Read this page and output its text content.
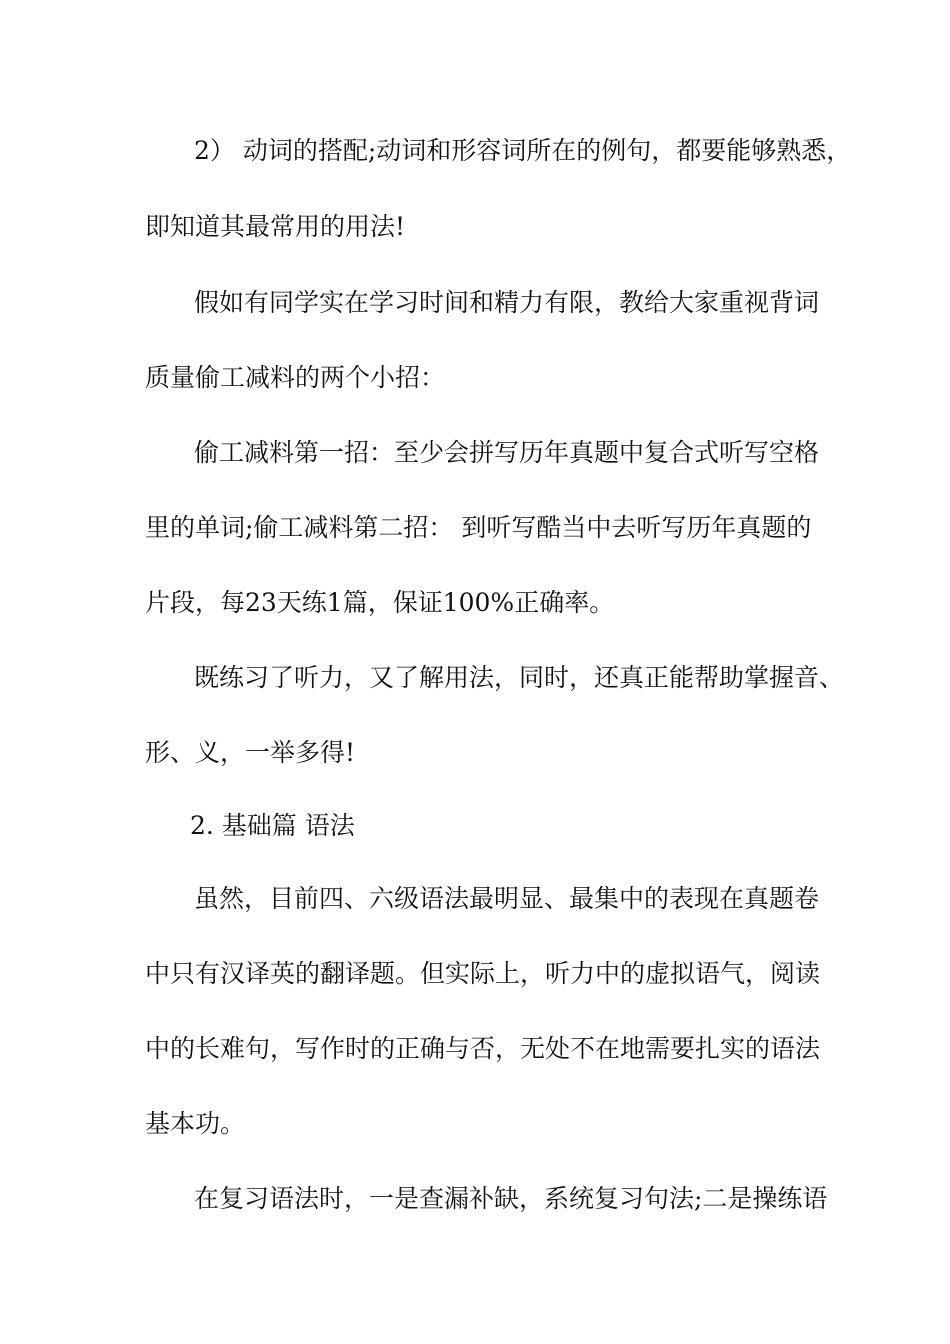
2） 动词的搭配;动词和形容词所在的例句，都要能够熟悉，
即知道其最常用的用法!
假如有同学实在学习时间和精力有限，教给大家重视背词
质量偷工减料的两个小招：
偷工减料第一招：至少会拼写历年真题中复合式听写空格
里的单词;偷工减料第二招： 到听写酷当中去听写历年真题的
片段，每23天练1篇，保证100%正确率。
既练习了听力，又了解用法，同时，还真正能帮助掌握音、
形、义，一举多得!
2. 基础篇 语法
虽然，目前四、六级语法最明显、最集中的表现在真题卷
中只有汉译英的翻译题。但实际上，听力中的虚拟语气，阅读
中的长难句，写作时的正确与否，无处不在地需要扎实的语法
基本功。
在复习语法时，一是查漏补缺，系统复习句法;二是操练语
